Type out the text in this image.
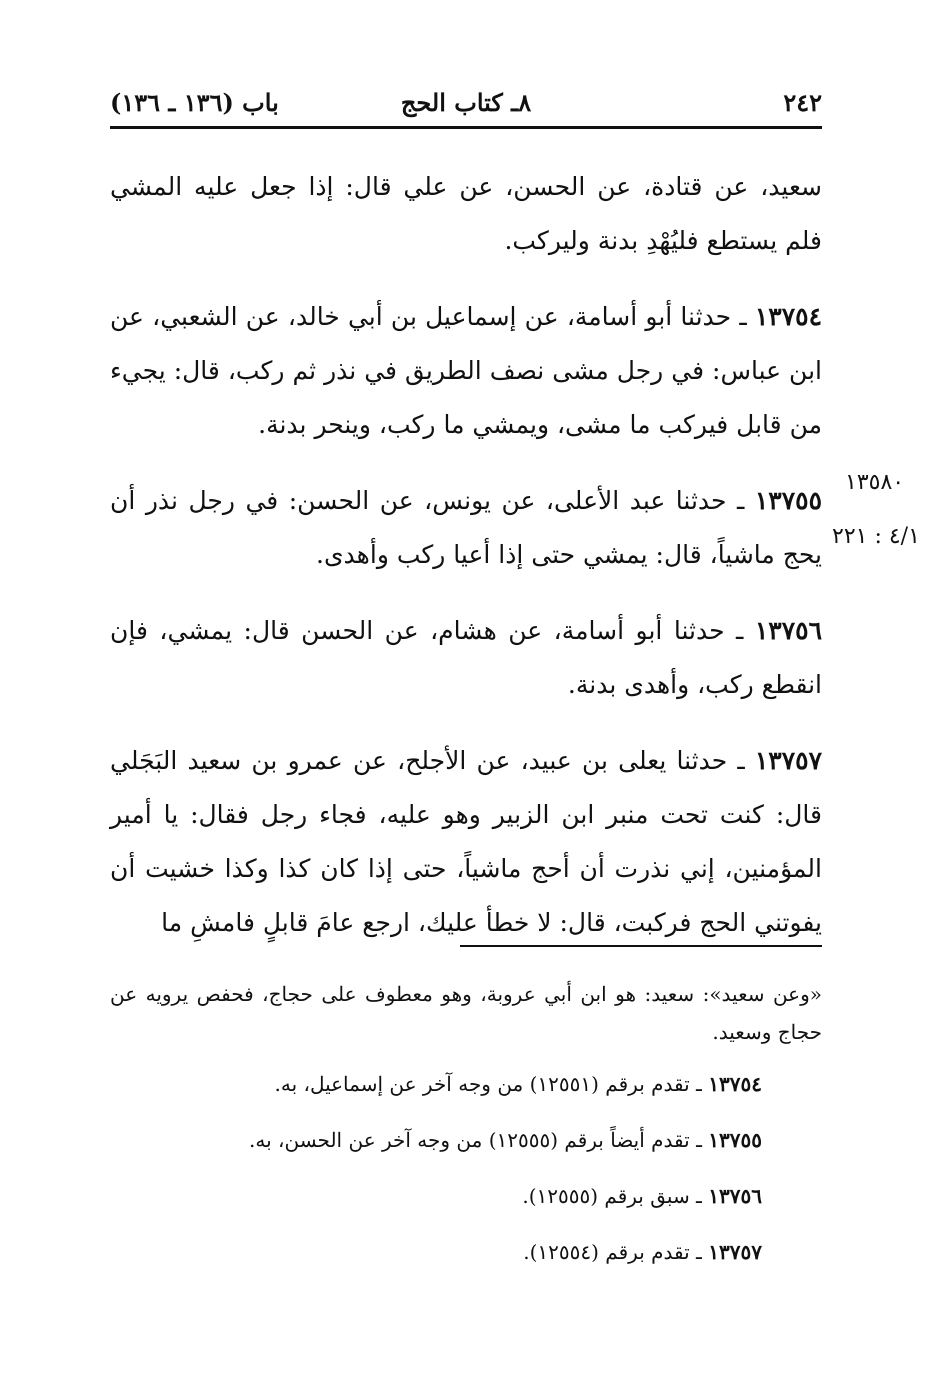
٢٤٢
٨ـ كتاب الحج
باب (١٣٦ ـ ١٣٦)

سعيد، عن قتادة، عن الحسن، عن علي قال: إذا جعل عليه المشي فلم يستطع فليُهْدِ بدنة وليركب.

١٣٧٥٤ ـ حدثنا أبو أسامة، عن إسماعيل بن أبي خالد، عن الشعبي، عن ابن عباس: في رجل مشى نصف الطريق في نذر ثم ركب، قال: يجيء من قابل فيركب ما مشى، ويمشي ما ركب، وينحر بدنة.

١٣٧٥٥ ـ حدثنا عبد الأعلى، عن يونس، عن الحسن: في رجل نذر أن يحج ماشياً، قال: يمشي حتى إذا أعيا ركب وأهدى.

١٣٧٥٦ ـ حدثنا أبو أسامة، عن هشام، عن الحسن قال: يمشي، فإن انقطع ركب، وأهدى بدنة.

١٣٧٥٧ ـ حدثنا يعلى بن عبيد، عن الأجلح، عن عمرو بن سعيد البَجَلي قال: كنت تحت منبر ابن الزبير وهو عليه، فجاء رجل فقال: يا أمير المؤمنين، إني نذرت أن أحج ماشياً، حتى إذا كان كذا وكذا خشيت أن يفوتني الحج فركبت، قال: لا خطأ عليك، ارجع عامَ قابلٍ فامشِ ما

١٣٥٨٠
٤/١ : ٢٢١

«وعن سعيد»: سعيد: هو ابن أبي عروبة، وهو معطوف على حجاج، فحفص يرويه عن حجاج وسعيد.

١٣٧٥٤ ـ تقدم برقم (١٢٥٥١) من وجه آخر عن إسماعيل، به.

١٣٧٥٥ ـ تقدم أيضاً برقم (١٢٥٥٥) من وجه آخر عن الحسن، به.

١٣٧٥٦ ـ سبق برقم (١٢٥٥٥).

١٣٧٥٧ ـ تقدم برقم (١٢٥٥٤).
